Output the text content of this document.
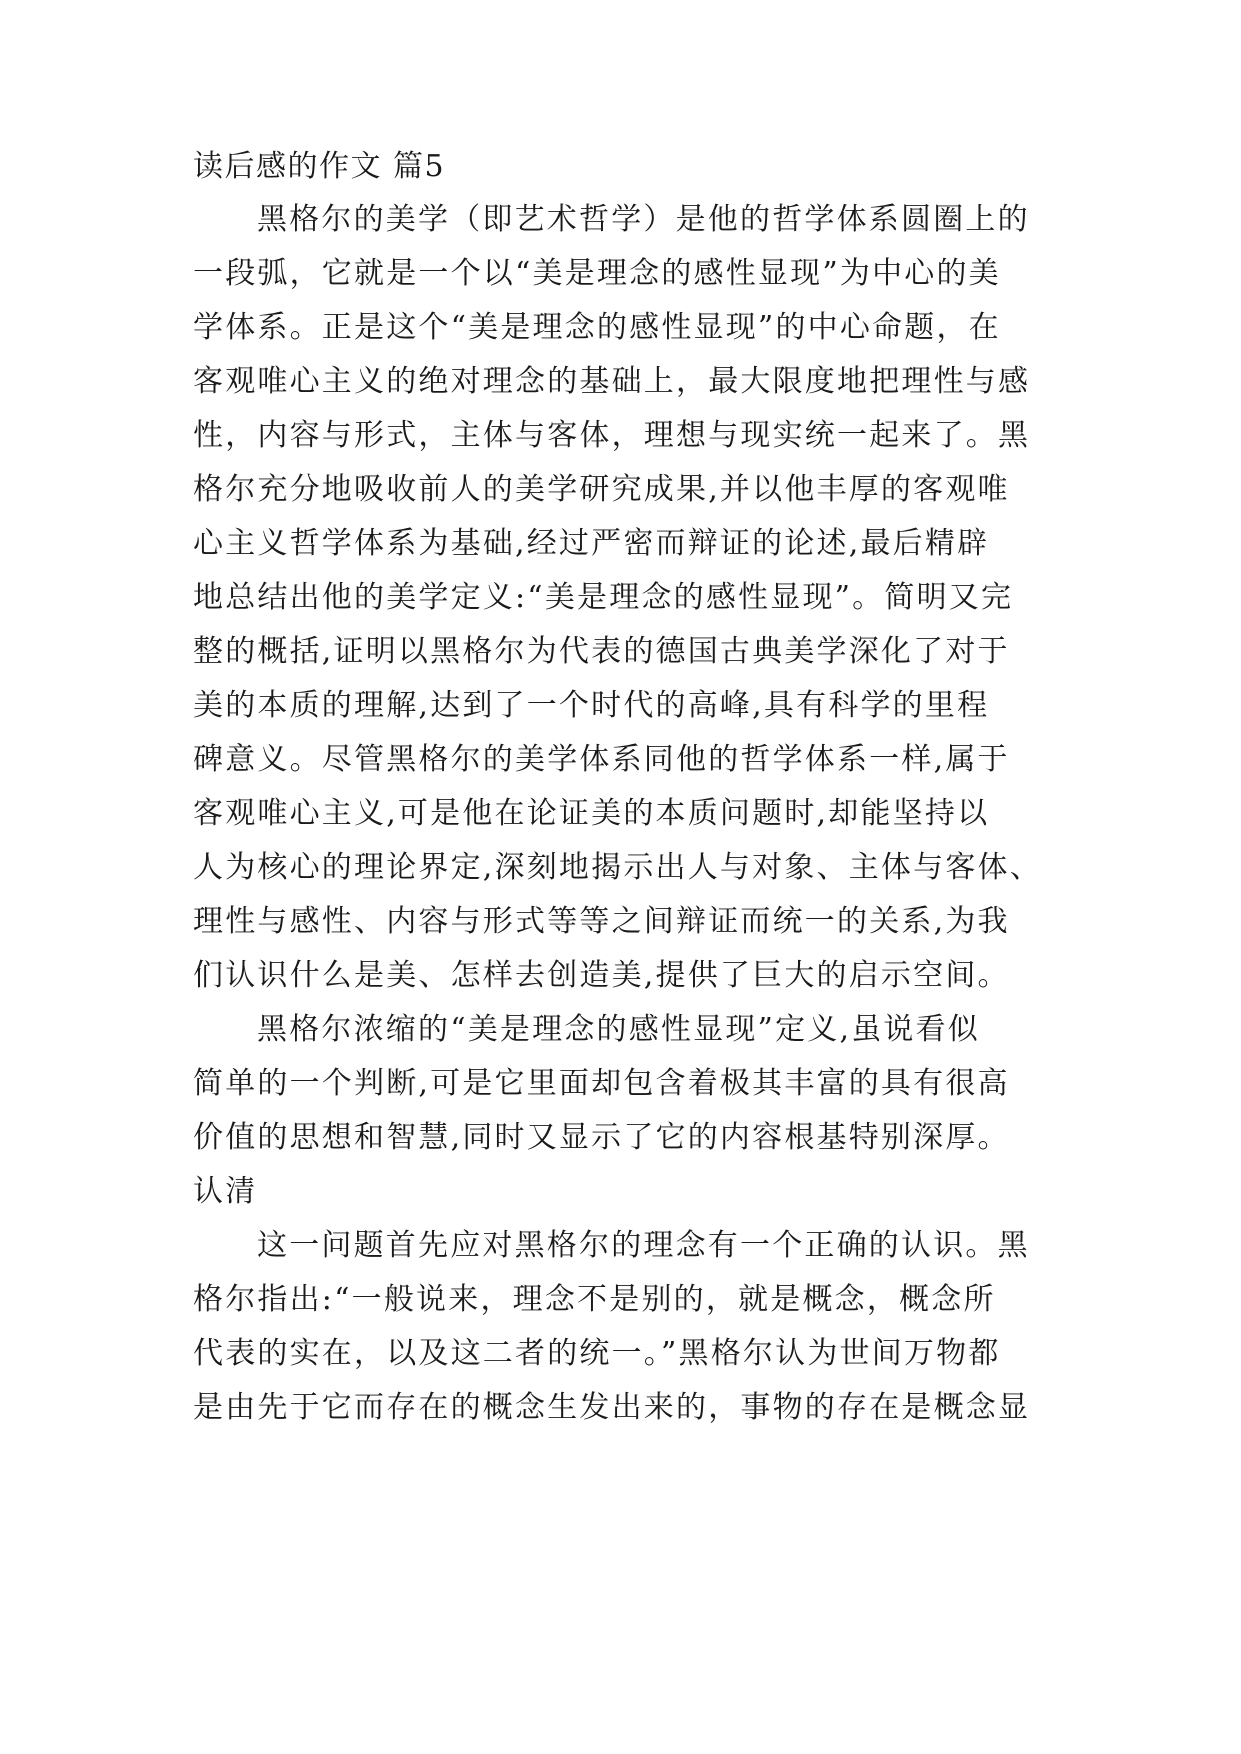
读后感的作文 篇5
黑格尔的美学（即艺术哲学）是他的哲学体系圆圈上的
一段弧，它就是一个以“美是理念的感性显现”为中心的美
学体系。正是这个“美是理念的感性显现”的中心命题，在
客观唯心主义的绝对理念的基础上，最大限度地把理性与感
性，内容与形式，主体与客体，理想与现实统一起来了。黑
格尔充分地吸收前人的美学研究成果,并以他丰厚的客观唯
心主义哲学体系为基础,经过严密而辩证的论述,最后精辟
地总结出他的美学定义:“美是理念的感性显现”。简明又完
整的概括,证明以黑格尔为代表的德国古典美学深化了对于
美的本质的理解,达到了一个时代的高峰,具有科学的里程
碑意义。尽管黑格尔的美学体系同他的哲学体系一样,属于
客观唯心主义,可是他在论证美的本质问题时,却能坚持以
人为核心的理论界定,深刻地揭示出人与对象、主体与客体、
理性与感性、内容与形式等等之间辩证而统一的关系,为我
们认识什么是美、怎样去创造美,提供了巨大的启示空间。
黑格尔浓缩的“美是理念的感性显现”定义,虽说看似
简单的一个判断,可是它里面却包含着极其丰富的具有很高
价值的思想和智慧,同时又显示了它的内容根基特别深厚。
认清
这一问题首先应对黑格尔的理念有一个正确的认识。黑
格尔指出:“一般说来，理念不是别的，就是概念，概念所
代表的实在，以及这二者的统一。”黑格尔认为世间万物都
是由先于它而存在的概念生发出来的，事物的存在是概念显
